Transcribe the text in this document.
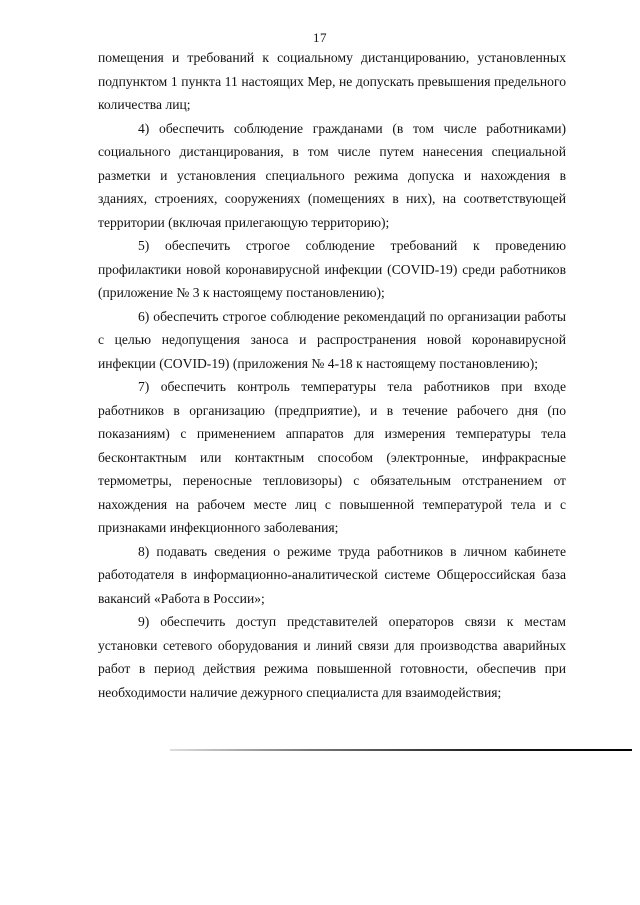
17

помещения и требований к социальному дистанцированию, установленных подпунктом 1 пункта 11 настоящих Мер, не допускать превышения предельного количества лиц;

4) обеспечить соблюдение гражданами (в том числе работниками) социального дистанцирования, в том числе путем нанесения специальной разметки и установления специального режима допуска и нахождения в зданиях, строениях, сооружениях (помещениях в них), на соответствующей территории (включая прилегающую территорию);

5) обеспечить строгое соблюдение требований к проведению профилактики новой коронавирусной инфекции (COVID-19) среди работников (приложение № 3 к настоящему постановлению);

6) обеспечить строгое соблюдение рекомендаций по организации работы с целью недопущения заноса и распространения новой коронавирусной инфекции (COVID-19) (приложения № 4-18 к настоящему постановлению);

7) обеспечить контроль температуры тела работников при входе работников в организацию (предприятие), и в течение рабочего дня (по показаниям) с применением аппаратов для измерения температуры тела бесконтактным или контактным способом (электронные, инфракрасные термометры, переносные тепловизоры) с обязательным отстранением от нахождения на рабочем месте лиц с повышенной температурой тела и с признаками инфекционного заболевания;

8) подавать сведения о режиме труда работников в личном кабинете работодателя в информационно-аналитической системе Общероссийская база вакансий «Работа в России»;

9) обеспечить доступ представителей операторов связи к местам установки сетевого оборудования и линий связи для производства аварийных работ в период действия режима повышенной готовности, обеспечив при необходимости наличие дежурного специалиста для взаимодействия;
